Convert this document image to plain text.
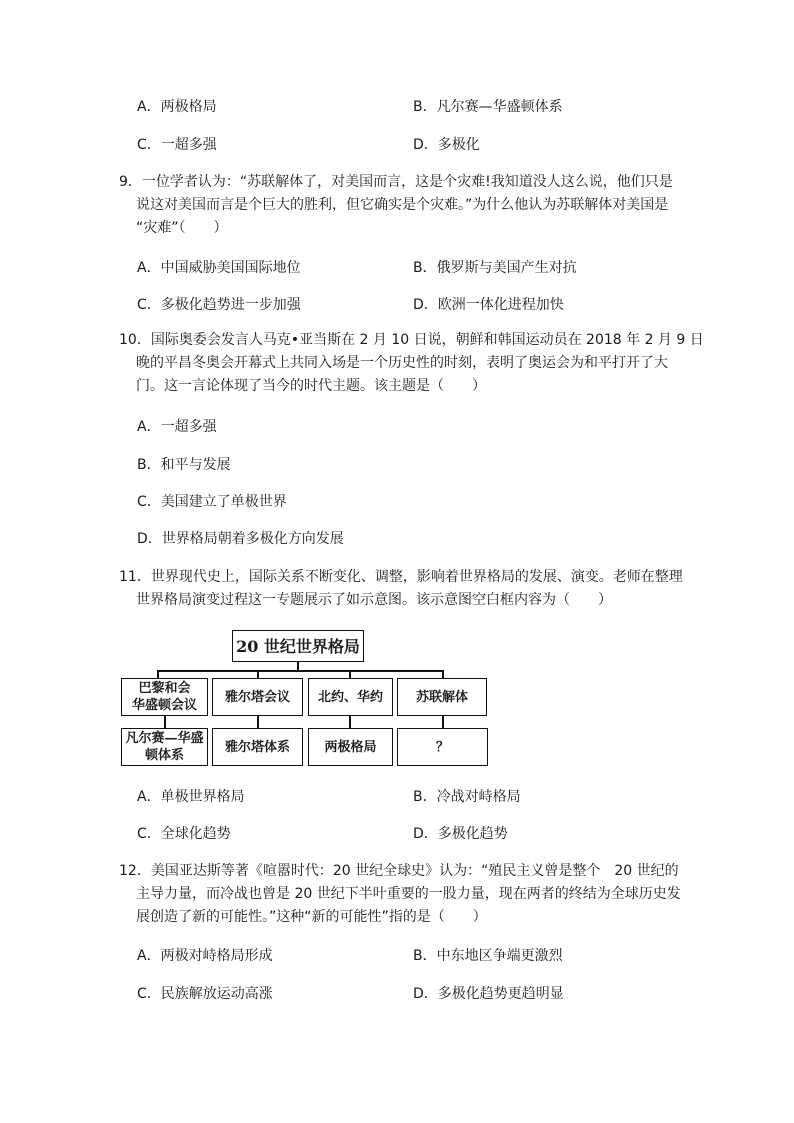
A．两极格局	B．凡尔赛—华盛顿体系
C．一超多强	D．多极化
9．一位学者认为：“苏联解体了，对美国而言，这是个灾难!我知道没人这么说，他们只是
说这对美国而言是个巨大的胜利，但它确实是个灾难。”为什么他认为苏联解体对美国是
“灾难”（　　）
A．中国威胁美国国际地位	B．俄罗斯与美国产生对抗
C．多极化趋势进一步加强	D．欧洲一体化进程加快
10．国际奥委会发言人马克•亚当斯在 2 月 10 日说，朝鲜和韩国运动员在 2018 年 2 月 9 日
晚的平昌冬奥会开幕式上共同入场是一个历史性的时刻，表明了奥运会为和平打开了大
门。这一言论体现了当今的时代主题。该主题是（　　）
A．一超多强
B．和平与发展
C．美国建立了单极世界
D．世界格局朝着多极化方向发展
11．世界现代史上，国际关系不断变化、调整，影响着世界格局的发展、演变。老师在整理
世界格局演变过程这一专题展示了如示意图。该示意图空白框内容为（　　）
20 世纪世界格局
巴黎和会
华盛顿会议
雅尔塔会议	北约、华约	苏联解体
凡尔赛—华盛
顿体系
雅尔塔体系	两极格局	？
A．单极世界格局	B．冷战对峙格局
C．全球化趋势	D．多极化趋势
12．美国亚达斯等著《喧嚣时代：20 世纪全球史》认为：“殖民主义曾是整个　20 世纪的
主导力量，而冷战也曾是 20 世纪下半叶重要的一股力量，现在两者的终结为全球历史发
展创造了新的可能性。”这种“新的可能性”指的是（　　）
A．两极对峙格局形成	B．中东地区争端更激烈
C．民族解放运动高涨	D．多极化趋势更趋明显
